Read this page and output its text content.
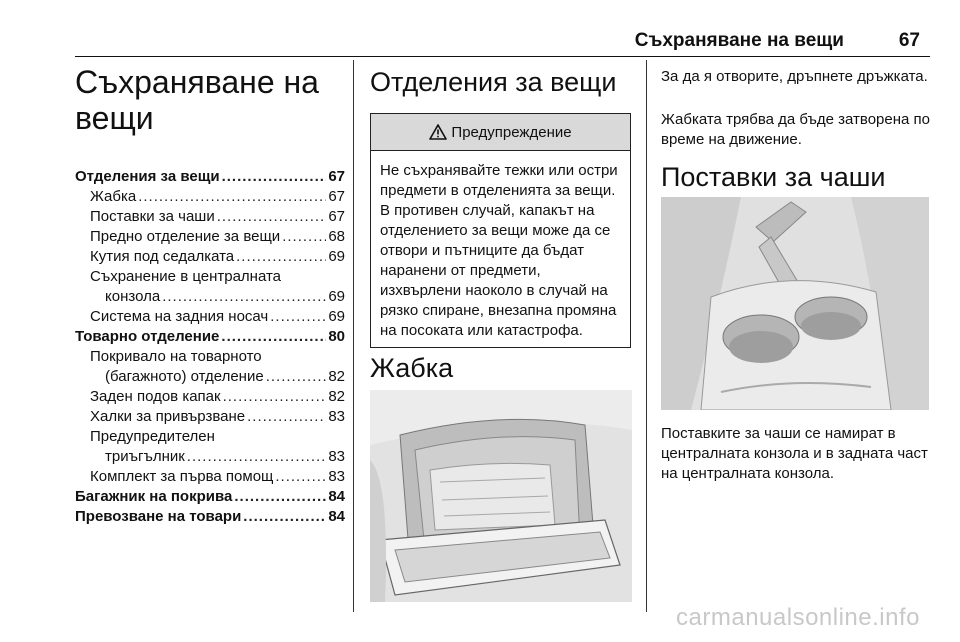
Съхраняване на вещи	67
Съхраняване на вещи
Отделения за вещи .....	67
Жабка .....	67
Поставки за чаши .....	67
Предно отделение за вещи .....	68
Кутия под седалката .....	69
Съхранение в централната
конзола .....	69
Система на задния носач .....	69
Товарно отделение .....	80
Покривало на товарното
(багажното) отделение .....	82
Заден подов капак .....	82
Халки за привързване .....	83
Предупредителен
триъгълник .....	83
Комплект за първа помощ .....	83
Багажник на покрива .....	84
Превозване на товари .....	84
Отделения за вещи
Предупреждение
Не съхранявайте тежки или остри предмети в отделенията за вещи. В противен случай, капакът на отделението за вещи може да се отвори и пътниците да бъдат наранени от предмети, изхвърлени наоколо в случай на рязко спиране, внезапна промяна на посоката или катастрофа.
Жабка
За да я отворите, дръпнете дръжката.
Жабката трябва да бъде затворена по време на движение.
Поставки за чаши
Поставките за чаши се намират в централната конзола и в задната част на централната конзола.
carmanualsonline.info
